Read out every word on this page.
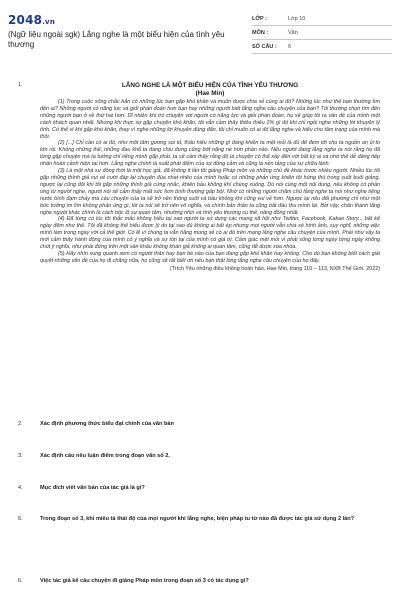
2048.vn
(Ngữ liệu ngoài sgk) Lắng nghe là một biểu hiện của tình yêu thương
LỚP :	Lớp 10
MÔN :	Văn
SỐ CÂU :	6
1.	LẮNG NGHE LÀ MỘT BIỂU HIỆN CỦA TÌNH YÊU THƯƠNG
(Hae Min)

(1) Trong cuộc sống chắc hẳn có những lúc bạn gặp khó khăn và muốn được chia sẻ cùng ai đó? Những lúc như thế bạn thường tìm đến ai? Những người có năng lực và giỏi phán đoán hơn bạn hay những người biết lắng nghe câu chuyện của bạn? Tôi thường chọn tìm đến những người bạn ở về thứ hai hơn. Dĩ nhiên khi trò chuyện với người có năng lực và giỏi phán đoán, họ sẽ giúp tôi ra vấn đề của mình một cách khách quan nhất. Nhưng khi thực sự gặp chuyện khó khăn, tôi vẫn cảm thấy thiếu thiếu 2% gì đó khi chỉ ngồi nghe những lời khuyên lý tính. Có thể vì khi gặp khó khăn, thay vì nghe những lời khuyên đúng đắn, tôi chỉ muốn có ai đó lắng nghe và hiểu cho tâm trạng của mình mà thôi.

(2) [...] Chỉ cần có ai đó, như một tấm gương soi tỏ, thấu hiểu những gì đang khiến ta mệt mỏi là đủ để đem tới cho ta nguồn an ủi to lớn rồi. Không những thế, những đau khổ ta đang chịu đựng cũng bớt nặng nề hơn phần nào. Nếu người đang lắng nghe ta nói rằng họ đã từng gặp chuyện mà ta tưởng chỉ riêng mình gặp phải, ta sẽ cảm thấy rằng đó là chuyện có thể xảy đến với bất kỳ ai và nhờ thế dễ dàng tiếp nhận hoàn cảnh hiện tại hơn. Lắng nghe chính là xuất phát điểm của sự đồng cảm và cũng là nền tảng của sự chữa lành.

(3) Là một nhà sư đồng thời là một học giả, đã không ít lần tôi giảng Pháp môn và những chủ đề khác trước nhiều người. Nhiều lúc tôi gặp những thính giả vui vẻ cười đáp lại chuyện đùa nhạt nhẽo của mình hoặc có những phản ứng khiến tôi hứng thú trong suốt buổi giảng, ngược lại cũng đôi khi tôi gặp những thính giả cứng nhắc, khiến bầu không khí chùng xuống. Dù nói cùng một nội dung, nếu không có phản ứng từ người nghe, người nói sẽ cảm thấy mất sức hơn bình thường gấp bội. Nhờ có những người chăm chú lắng nghe ta nói như nghe tiếng nước bình đạm chảy mà câu chuyện của ta sẽ trở nên thông suốt và bầu không khí cũng vui vẻ hơn. Ngược lại nếu đối phương chỉ như một bức tường im lìm không phản ứng gì, lời ta nói sẽ trở nên vô nghĩa, và chính bản thân ta cũng bất đầu thu mình lại. Bởi vậy, chân thành lắng nghe người khác chính là cách bộc lộ sự quan tâm, nhường nhịn và tình yêu thương cụ thể, nâng đồng nhất.

(4) Đã từng có lúc tôi thắc mắc không hiểu tại sao người ta sử dụng các mạng xã hội như Twitter, Facebook, Kakao Story... bất kể ngày đêm như thế. Tôi đã không thể hiểu được lý do tại sao đủ không ai bắt ép nhưng mọi người vẫn chia sẻ hình ảnh, suy nghĩ, những việc mình làm trong ngày với cả thế giới. Có lẽ vì chúng ta vẫn hằng mong sẽ có ai đó trên mạng lắng nghe câu chuyện của mình. Phải như vậy ta mới cảm thấy hành động của mình có ý nghĩa và sự tồn tại của mình có giá trị. Cảm giác mệt mỏi vì phải sống từng ngày từng ngày không chút ý nghĩa, như phải đứng trên một sân khấu không khán giả không ai quan tâm, cũng dễ được xóa nhòa.

(5) Hãy nhìn xung quanh xem có người thân hay bạn bè nào của bạn đang gặp khó khăn hay không. Cho dù bạn không biết cách giải quyết những vấn đề của họ đi chăng nữa, họ cũng sẽ rất biết ơn nếu bạn thật lòng lắng nghe câu chuyện của họ đấy.

(Trích Yêu những điều không hoàn hảo, Hae Min, trang 110 – 113, NXB Thế Giới, 2022)
2.	Xác định phương thức biểu đạt chính của văn bản
3.	Xác định câu nêu luận điểm trong đoạn văn số 2.
4.	Mục đích viết văn bản của tác giả là gì?
5.	Trong đoạn số 3, khi miêu tả thái độ của mọi người khi lắng nghe, biện pháp tu từ nào đã được tác giả sử dụng 2 lần?
6.	Việc tác giả kể câu chuyện đi giảng Pháp môn trong đoạn số 3 có tác dụng gì?
